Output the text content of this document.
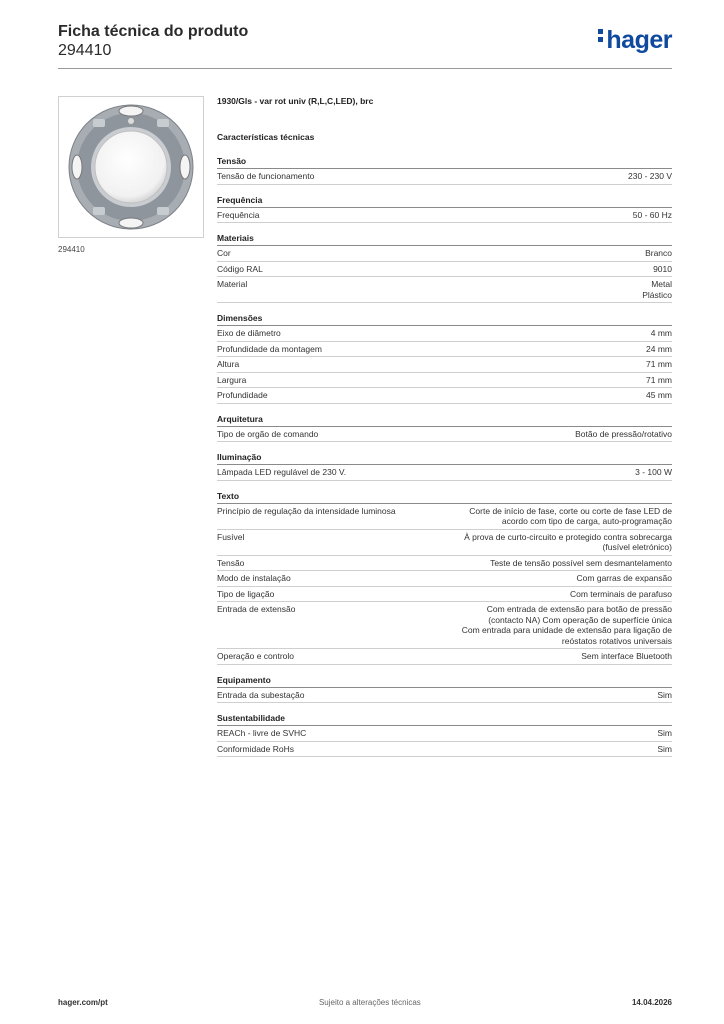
Ficha técnica do produto
294410	hager
294410
1930/Gls - var rot univ (R,L,C,LED), brc
Características técnicas
Tensão
Tensão de funcionamento	230 - 230 V
Frequência
Frequência	50 - 60 Hz
Materiais
Cor	Branco
Código RAL	9010
Material	Metal
Plástico
Dimensões
Eixo de diâmetro	4 mm
Profundidade da montagem	24 mm
Altura	71 mm
Largura	71 mm
Profundidade	45 mm
Arquitetura
Tipo de orgão de comando	Botão de pressão/rotativo
Iluminação
Lâmpada LED regulável de 230 V.	3 - 100 W
Texto
Princípio de regulação da intensidade luminosa	Corte de início de fase, corte ou corte de fase LED de
acordo com tipo de carga, auto-programação
Fusível	À prova de curto-circuito e protegido contra sobrecarga
(fusível eletrónico)
Tensão	Teste de tensão possível sem desmantelamento
Modo de instalação	Com garras de expansão
Tipo de ligação	Com terminais de parafuso
Entrada de extensão	Com entrada de extensão para botão de pressão
(contacto NA) Com operação de superfície única
Com entrada para unidade de extensão para ligação de
reóstatos rotativos universais
Operação e controlo	Sem interface Bluetooth
Equipamento
Entrada da subestação	Sim
Sustentabilidade
REACh - livre de SVHC	Sim
Conformidade RoHs	Sim
hager.com/pt	Sujeito a alterações técnicas	14.04.2026
